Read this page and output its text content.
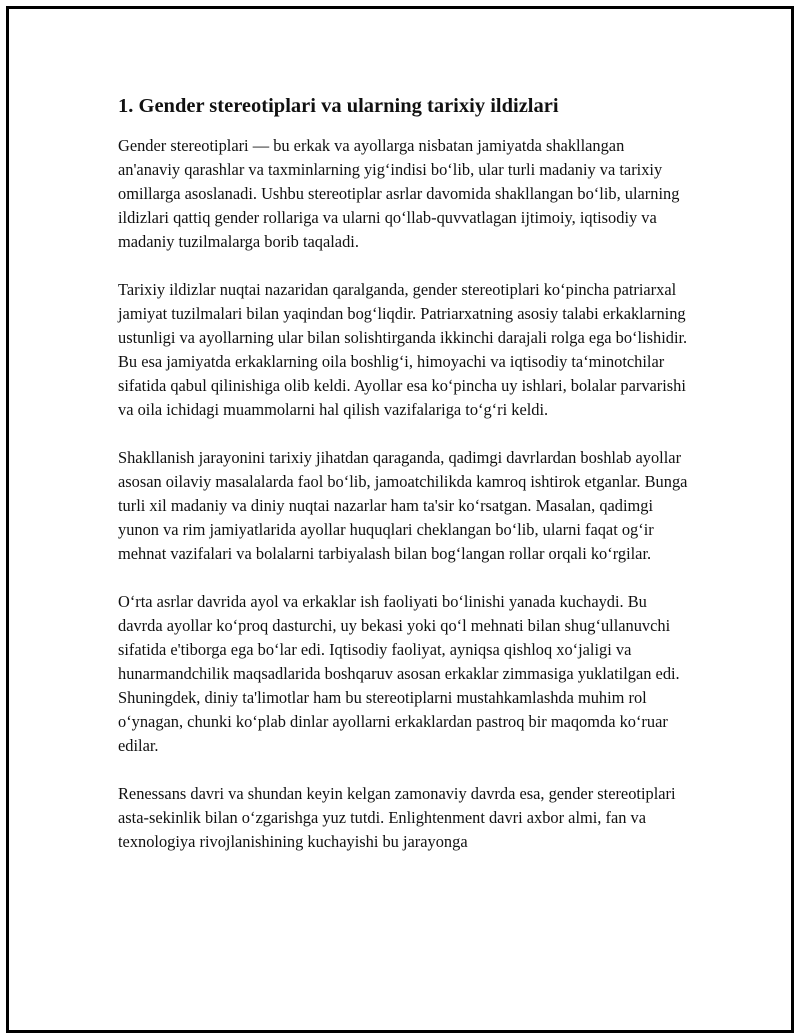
1. Gender stereotiplari va ularning tarixiy ildizlari

Gender stereotiplari — bu erkak va ayollarga nisbatan jamiyatda shakllangan an'anaviy qarashlar va taxminlarning yig‘indisi bo‘lib, ular turli madaniy va tarixiy omillarga asoslanadi. Ushbu stereotiplar asrlar davomida shakllangan bo‘lib, ularning ildizlari qattiq gender rollariga va ularni qo‘llab-quvvatlagan ijtimoiy, iqtisodiy va madaniy tuzilmalarga borib taqaladi.

Tarixiy ildizlar nuqtai nazaridan qaralganda, gender stereotiplari ko‘pincha patriarxal jamiyat tuzilmalari bilan yaqindan bog‘liqdir. Patriarxatning asosiy talabi erkaklarning ustunligi va ayollarning ular bilan solishtirganda ikkinchi darajali rolga ega bo‘lishidir. Bu esa jamiyatda erkaklarning oila boshlig‘i, himoyachi va iqtisodiy ta‘minotchilar sifatida qabul qilinishiga olib keldi. Ayollar esa ko‘pincha uy ishlari, bolalar parvarishi va oila ichidagi muammolarni hal qilish vazifalariga to‘g‘ri keldi.

Shakllanish jarayonini tarixiy jihatdan qaraganda, qadimgi davrlardan boshlab ayollar asosan oilaviy masalalarda faol bo‘lib, jamoatchilikda kamroq ishtirok etganlar. Bunga turli xil madaniy va diniy nuqtai nazarlar ham ta'sir ko‘rsatgan. Masalan, qadimgi yunon va rim jamiyatlarida ayollar huquqlari cheklangan bo‘lib, ularni faqat og‘ir mehnat vazifalari va bolalarni tarbiyalash bilan bog‘langan rollar orqali ko‘rgilar.

O‘rta asrlar davrida ayol va erkaklar ish faoliyati bo‘linishi yanada kuchaydi. Bu davrda ayollar ko‘proq dasturchi, uy bekasi yoki qo‘l mehnati bilan shug‘ullanuvchi sifatida e'tiborga ega bo‘lar edi. Iqtisodiy faoliyat, ayniqsa qishloq xo‘jaligi va hunarmandchilik maqsadlarida boshqaruv asosan erkaklar zimmasiga yuklatilgan edi. Shuningdek, diniy ta'limotlar ham bu stereotiplarni mustahkamlashda muhim rol o‘ynagan, chunki ko‘plab dinlar ayollarni erkaklardan pastroq bir maqomda ko‘ruar edilar.

Renessans davri va shundan keyin kelgan zamonaviy davrda esa, gender stereotiplari asta-sekinlik bilan o‘zgarishga yuz tutdi. Enlightenment davri axbor almi, fan va texnologiya rivojlanishining kuchayishi bu jarayonga
